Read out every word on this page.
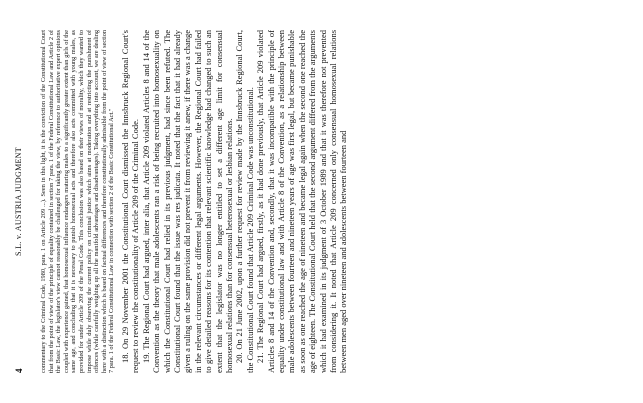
4
S.L. v. AUSTRIA JUDGMENT	commentary to the Criminal Code, 1980, para. 1 on Article 209 ...). Seen in this light, it is the conviction of the Constitutional Court that from the point of view of the principle of equality contained in section 7 para. 1 of the Federal Constitutional Law and Article 2 of the Basic Law, the legislator's view cannot reasonably be challenged for taking the view, by reference to authoritative expert opinions coupled with experience gained, that homosexual influence endangers maturing males to a significantly greater extent than girls of the same age, and concluding that it is necessary to punish homosexual acts and therefore also acts committed with young males, as provided for under Article 209 of the Penal Code. This conclusion was also based on their views of morality, which they wanted to impose while duly observing the current policy on criminal justice which aims at moderation and at restricting the punishment of offences (while carefully weighing up all the manifold advantages and disadvantages). Taking everything into account, we are dealing here with a distinction which is based on factual differences and therefore constitutionally admissible from the point of view of section 7 para. 1 of the Federal Constitutional Law in connection with section 2 of the Basic Constitutional Act." 18. On 29 November 2001 the Constitutional Court dismissed the Innsbruck Regional Court's request to review the constitutionality of Article 209 of the Criminal Code. 19. The Regional Court had argued, inter alia, that Article 209 violated Articles 8 and 14 of the Convention as the theory that male adolescents ran a risk of being recruited into homosexuality on which the Constitutional Court had relied in its previous judgment, had since been refuted. The Constitutional Court found that the issue was res judicata. It noted that the fact that it had already given a ruling on the same provision did not prevent it from reviewing it anew, if there was a change in the relevant circumstances or different legal arguments. However, the Regional Court had failed to give detailed reasons for its contention that relevant scientific knowledge had changed to such an extent that the legislator was no longer entitled to set a different age limit for consensual homosexual relations than for consensual heterosexual or lesbian relations. 20. On 21 June 2002, upon a further request for review made by the Innsbruck Regional Court, the Constitutional Court found that Article 209 Criminal Code was unconstitutional. 21. The Regional Court had argued, firstly, as it had done previously, that Article 209 violated Articles 8 and 14 of the Convention and, secondly, that it was incompatible with the principle of equality under constitutional law and with Article 8 of the Convention, as a relationship between male adolescents between fourteen and nineteen years of age was first legal, but became punishable as soon as one reached the age of nineteen and became legal again when the second one reached the age of eighteen. The Constitutional Court held that the second argument differed from the arguments which it had examined in its judgment of 3 October 1989 and that it was therefore not prevented from considering it. It noted that Article 209 concerned only consensual homosexual relations between men aged over nineteen and adolescents between fourteen and
